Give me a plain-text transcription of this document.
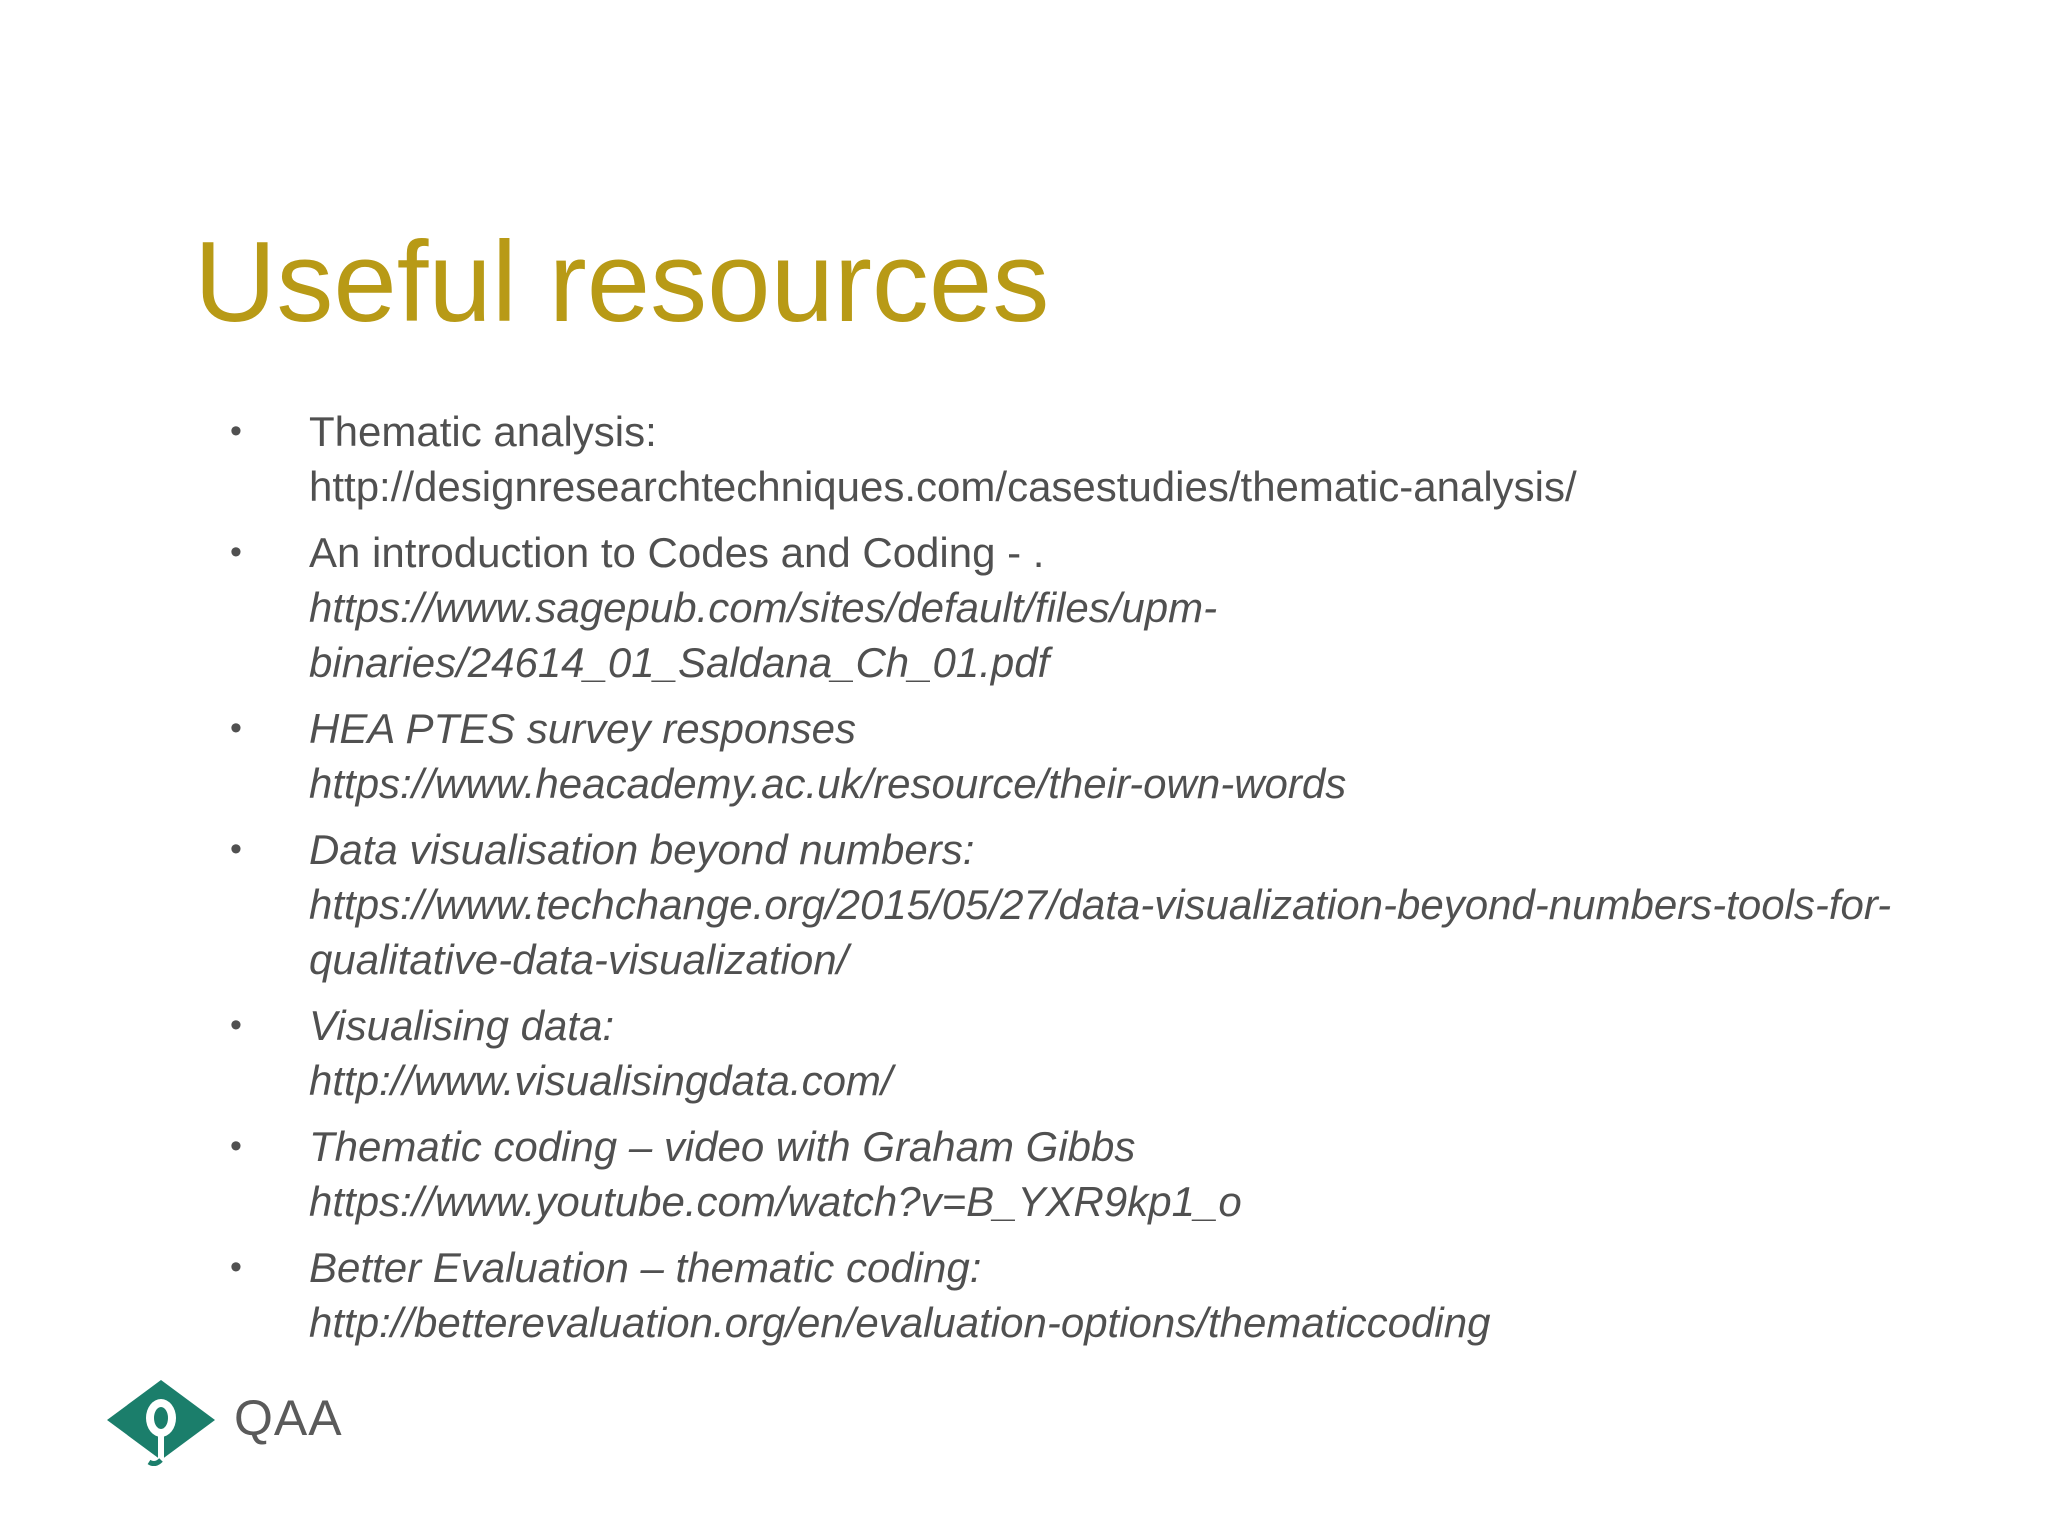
Useful resources
• Thematic analysis:
http://designresearchtechniques.com/casestudies/thematic-analysis/
• An introduction to Codes and Coding - .
https://www.sagepub.com/sites/default/files/upm-
binaries/24614_01_Saldana_Ch_01.pdf
• HEA PTES survey responses
https://www.heacademy.ac.uk/resource/their-own-words
• Data visualisation beyond numbers:
https://www.techchange.org/2015/05/27/data-visualization-beyond-numbers-tools-for-
qualitative-data-visualization/
• Visualising data:
http://www.visualisingdata.com/
• Thematic coding – video with Graham Gibbs
https://www.youtube.com/watch?v=B_YXR9kp1_o
• Better Evaluation – thematic coding:
http://betterevaluation.org/en/evaluation-options/thematiccoding
QAA
